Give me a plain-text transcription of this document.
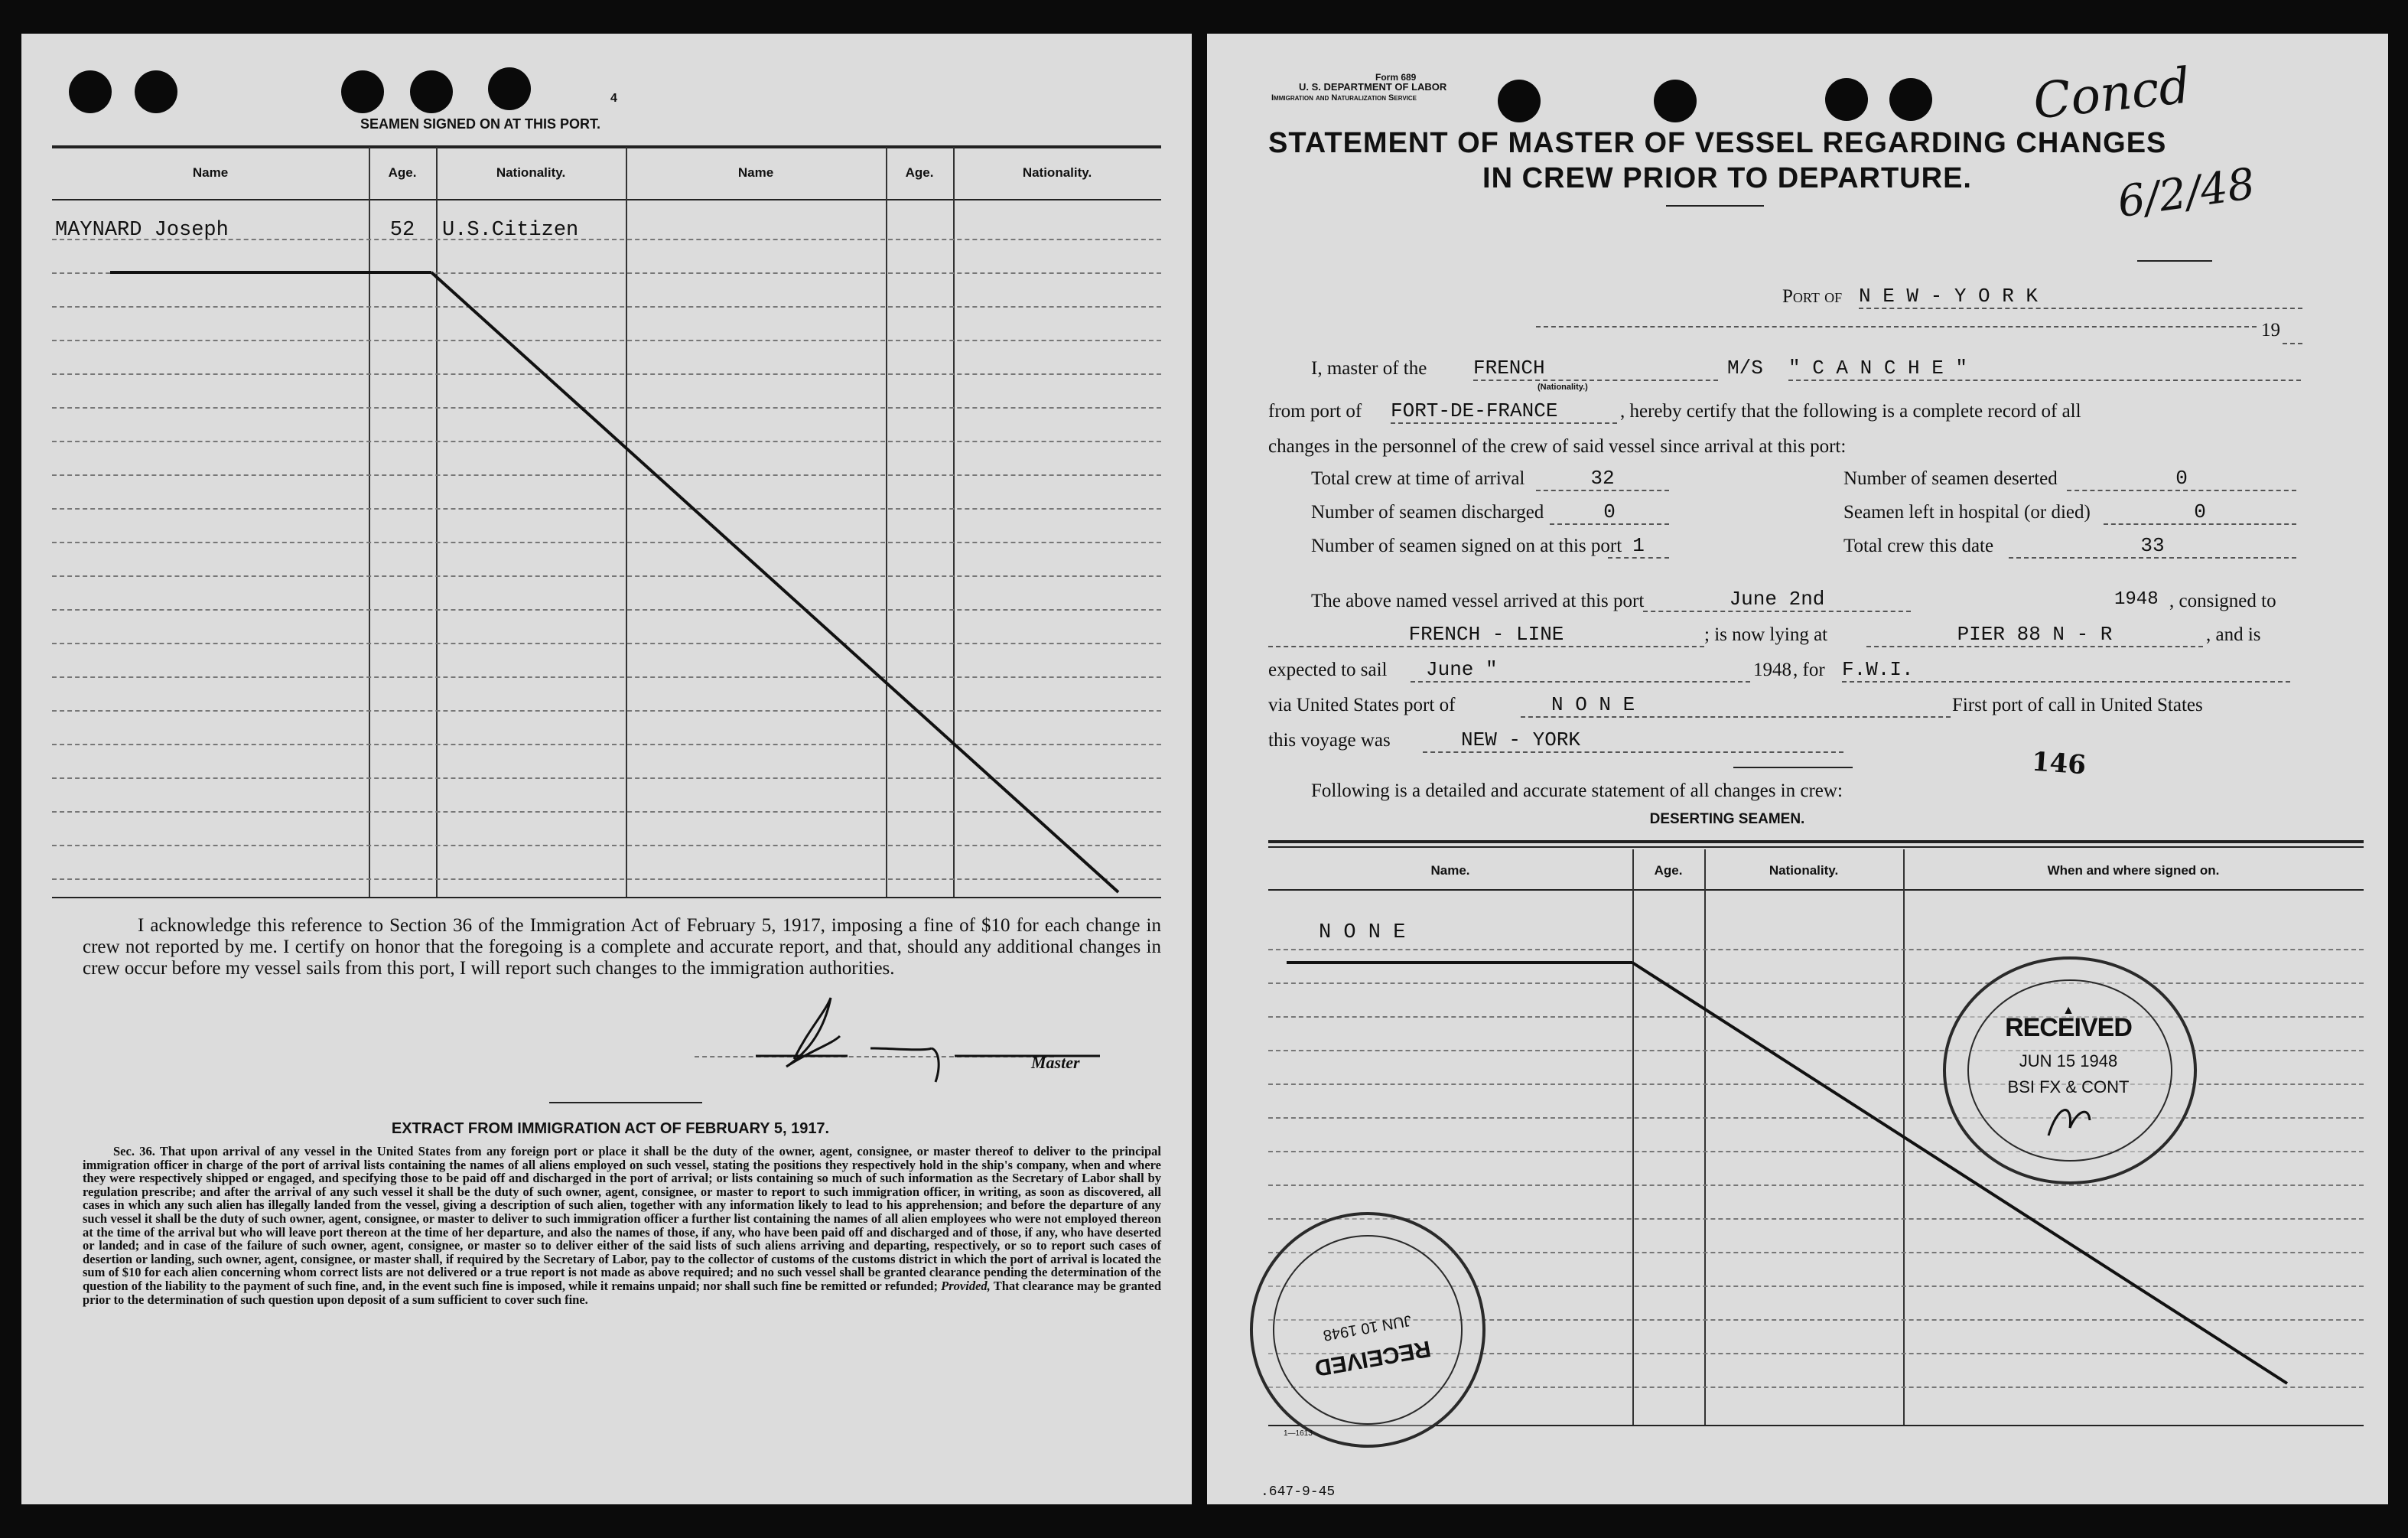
4
SEAMEN SIGNED ON AT THIS PORT.
Name	Age.	Nationality.	Name	Age.	Nationality.
MAYNARD Joseph	52	U.S.Citizen

I acknowledge this reference to Section 36 of the Immigration Act of February 5, 1917, imposing a fine of $10 for each change in crew not reported by me. I certify on honor that the foregoing is a complete and accurate report, and that, should any additional changes in crew occur before my vessel sails from this port, I will report such changes to the immigration authorities.

Master
EXTRACT FROM IMMIGRATION ACT OF FEBRUARY 5, 1917.

Sec. 36. That upon arrival of any vessel in the United States from any foreign port or place it shall be the duty of the owner, agent, consignee, or master thereof to deliver to the principal immigration officer in charge of the port of arrival lists containing the names of all aliens employed on such vessel, stating the positions they respectively hold in the ship's company, when and where they were respectively shipped or engaged, and specifying those to be paid off and discharged in the port of arrival; or lists containing so much of such information as the Secretary of Labor shall by regulation prescribe; and after the arrival of any such vessel it shall be the duty of such owner, agent, consignee, or master to report to such immigration officer, in writing, as soon as discovered, all cases in which any such alien has illegally landed from the vessel, giving a description of such alien, together with any information likely to lead to his apprehension; and before the departure of any such vessel it shall be the duty of such owner, agent, consignee, or master to deliver to such immigration officer a further list containing the names of all alien employees who were not employed thereon at the time of the arrival but who will leave port thereon at the time of her departure, and also the names of those, if any, who have been paid off and discharged and of those, if any, who have deserted or landed; and in case of the failure of such owner, agent, consignee, or master so to deliver either of the said lists of such aliens arriving and departing, respectively, or so to report such cases of desertion or landing, such owner, agent, consignee, or master shall, if required by the Secretary of Labor, pay to the collector of customs of the customs district in which the port of arrival is located the sum of $10 for each alien concerning whom correct lists are not delivered or a true report is not made as above required; and no such vessel shall be granted clearance pending the determination of the question of the liability to the payment of such fine, and, in the event such fine is imposed, while it remains unpaid; nor shall such fine be remitted or refunded; Provided, That clearance may be granted prior to the determination of such question upon deposit of a sum sufficient to cover such fine.

Form 689
U. S. DEPARTMENT OF LABOR
Immigration and Naturalization Service	Concd
6/2/48
STATEMENT OF MASTER OF VESSEL REGARDING CHANGES
IN CREW PRIOR TO DEPARTURE.
Port of N E W - Y O R K
19
I, master of the FRENCH
(Nationality.)
M/S " C A N C H E "
from port of FORT-DE-FRANCE	, hereby certify that the following is a complete record of all
changes in the personnel of the crew of said vessel since arrival at this port:
Total crew at time of arrival	32	Number of seamen deserted	0
Number of seamen discharged	0	Seamen left in hospital (or died)	0
Number of seamen signed on at this port 1	Total crew this date	33
The above named vessel arrived at this port	June 2nd	1948 , consigned to
FRENCH - LINE	; is now lying at	PIER 88 N - R	, and is
expected to sail	June "	1948 , for F.W.I.
via United States port of	N O N E	First port of call in United States
this voyage was	NEW - YORK
146
Following is a detailed and accurate statement of all changes in crew:
DESERTING SEAMEN.
Name.	Age.	Nationality.	When and where signed on.
N O N E
▲
RECEIVED
JUN 15 1948
BSI FX & CONT
RECEIVED
JUN 10 1948
1—1613
.647-9-45
